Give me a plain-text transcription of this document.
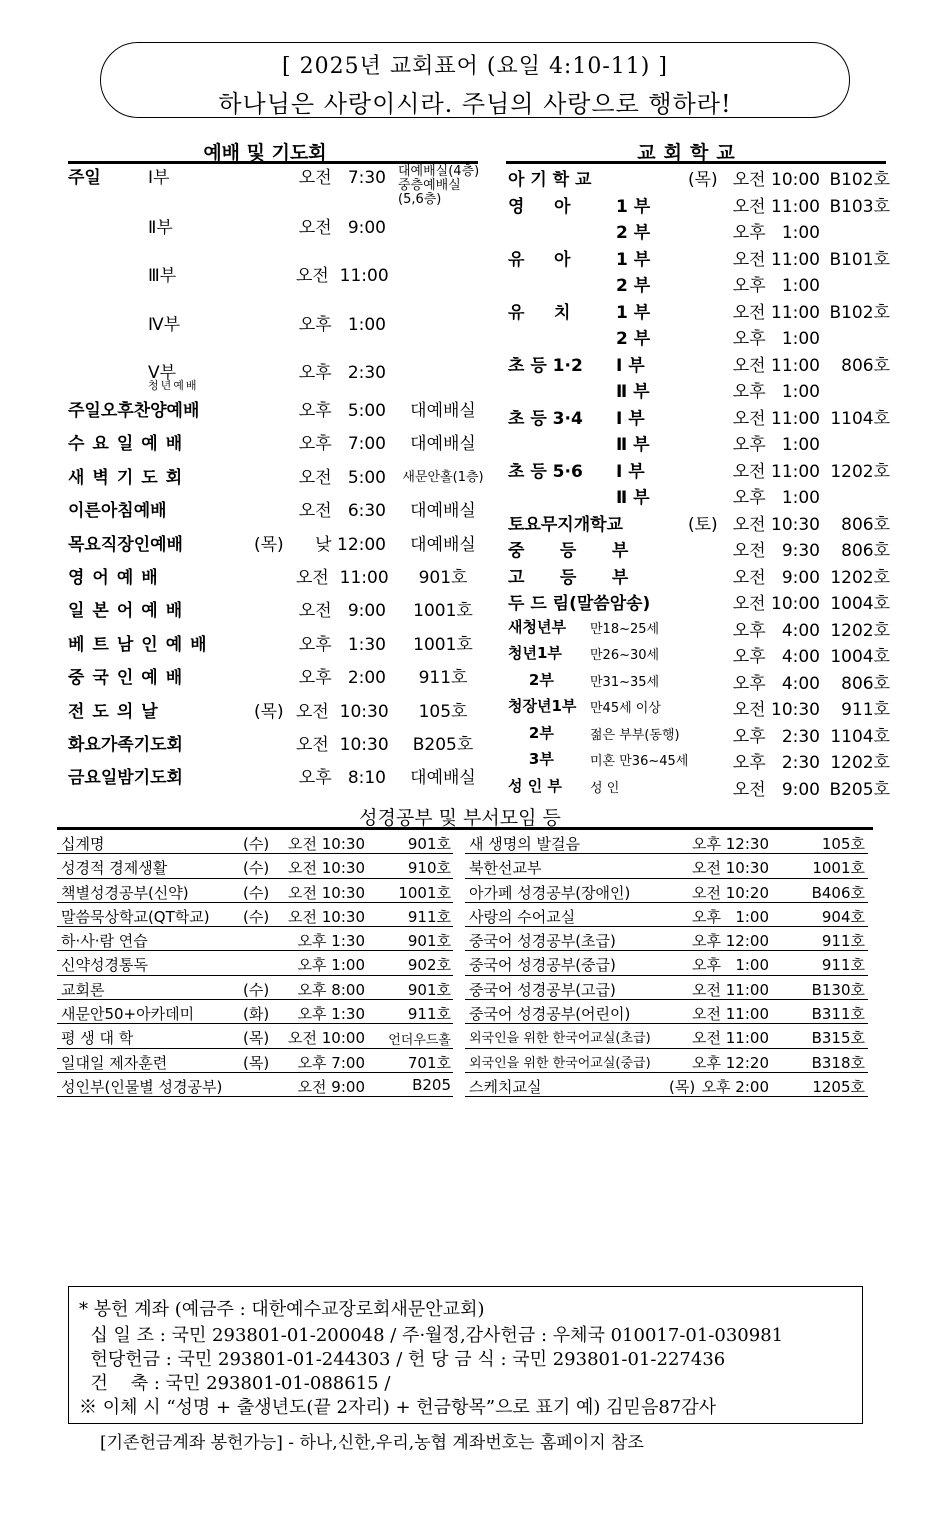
[ 2025년 교회표어 (요일 4:10-11) ]
하나님은 사랑이시라. 주님의 사랑으로 행하라!
예배 및 기도회	교회학교
주일	Ⅰ부	오전   7:30 대예배실(4층)
중층예배실
(5,6층)
Ⅱ부	오전   9:00
Ⅲ부	오전  11:00
Ⅳ부	오후   1:00
Ⅴ부	오후   2:30
청년예배
주일오후찬양예배	오후   5:00	대예배실
수요일예배	오후   7:00	대예배실
새벽기도회	오전   5:00	새문안홀(1층)
이른아침예배	오전   6:30	대예배실
목요직장인예배	(목)	낮 12:00	대예배실
영어예배	오전  11:00	901호
일본어예배	오전   9:00	1001호
베트남인예배	오후   1:30	1001호
중국인예배	오후   2:00	911호
전도의날	(목) 오전  10:30	105호
화요가족기도회	오전  10:30	B205호
금요일밤기도회	오후   8:10	대예배실
아 기 학 교	(목) 오전 10:00 B102호
영     아	1 부	오전 11:00 B103호
2 부	오후   1:00
유     아	1 부	오전 11:00 B101호
2 부	오후   1:00
유     치	1 부	오전 11:00 B102호
2 부	오후   1:00
초 등 1·2 Ⅰ 부	오전 11:00	806호
Ⅱ 부	오후   1:00
초 등 3·4 Ⅰ 부	오전 11:00 1104호
Ⅱ 부	오후   1:00
초 등 5·6 Ⅰ 부	오전 11:00 1202호
Ⅱ 부	오후   1:00
토요무지개학교	(토) 오전 10:30	806호
중      등      부	오전   9:30	806호
고      등      부	오전   9:00 1202호
두 드 림(말씀암송)	오전 10:00 1004호
새청년부 만18~25세	오후   4:00 1202호
청년1부 만26~30세	오후   4:00 1004호
2부	만31~35세	오후   4:00	806호
청장년1부 만45세 이상	오전 10:30	911호
2부	젊은 부부(동행)	오후   2:30 1104호
3부	미혼 만36~45세	오후   2:30 1202호
성 인 부 성 인	오전   9:00 B205호
성경공부 및 부서모임 등
십계명	(수)	오전 10:30	901호
성경적 경제생활	(수)	오전 10:30	910호
책별성경공부(신약)	(수)	오전 10:30	1001호
말씀묵상학교(QT학교) (수)	오전 10:30	911호
하·사·람 연습	오후 1:30	901호
신약성경통독	오후 1:00	902호
교회론	(수)	오후 8:00	901호
새문안50+아카데미	(화)	오후 1:30	911호
평 생 대 학	(목)	오전 10:00	언더우드홀
일대일 제자훈련	(목)	오후 7:00	701호
성인부(인물별 성경공부)	오전 9:00	B205
새 생명의 발걸음	오후 12:30	105호
북한선교부	오전 10:30	1001호
아가페 성경공부(장애인)	오전 10:20	B406호
사랑의 수어교실	오후   1:00	904호
중국어 성경공부(초급)	오후 12:00	911호
중국어 성경공부(중급)	오후   1:00	911호
중국어 성경공부(고급)	오전 11:00	B130호
중국어 성경공부(어린이)	오전 11:00	B311호
외국인을 위한 한국어교실(초급)	오전 11:00	B315호
외국인을 위한 한국어교실(중급)	오후 12:20	B318호
스케치교실	(목) 오후 2:00	1205호
* 봉헌 계좌 (예금주 : 대한예수교장로회새문안교회)
십 일 조 : 국민 293801-01-200048 / 주·월정,감사헌금 : 우체국 010017-01-030981
헌당헌금 : 국민 293801-01-244303 / 헌 당 금 식 : 국민 293801-01-227436
건    축 : 국민 293801-01-088615 /
※ 이체 시 “성명 + 출생년도(끝 2자리) + 헌금항목”으로 표기 예) 김믿음87감사
[기존헌금계좌 봉헌가능] - 하나,신한,우리,농협 계좌번호는 홈페이지 참조
